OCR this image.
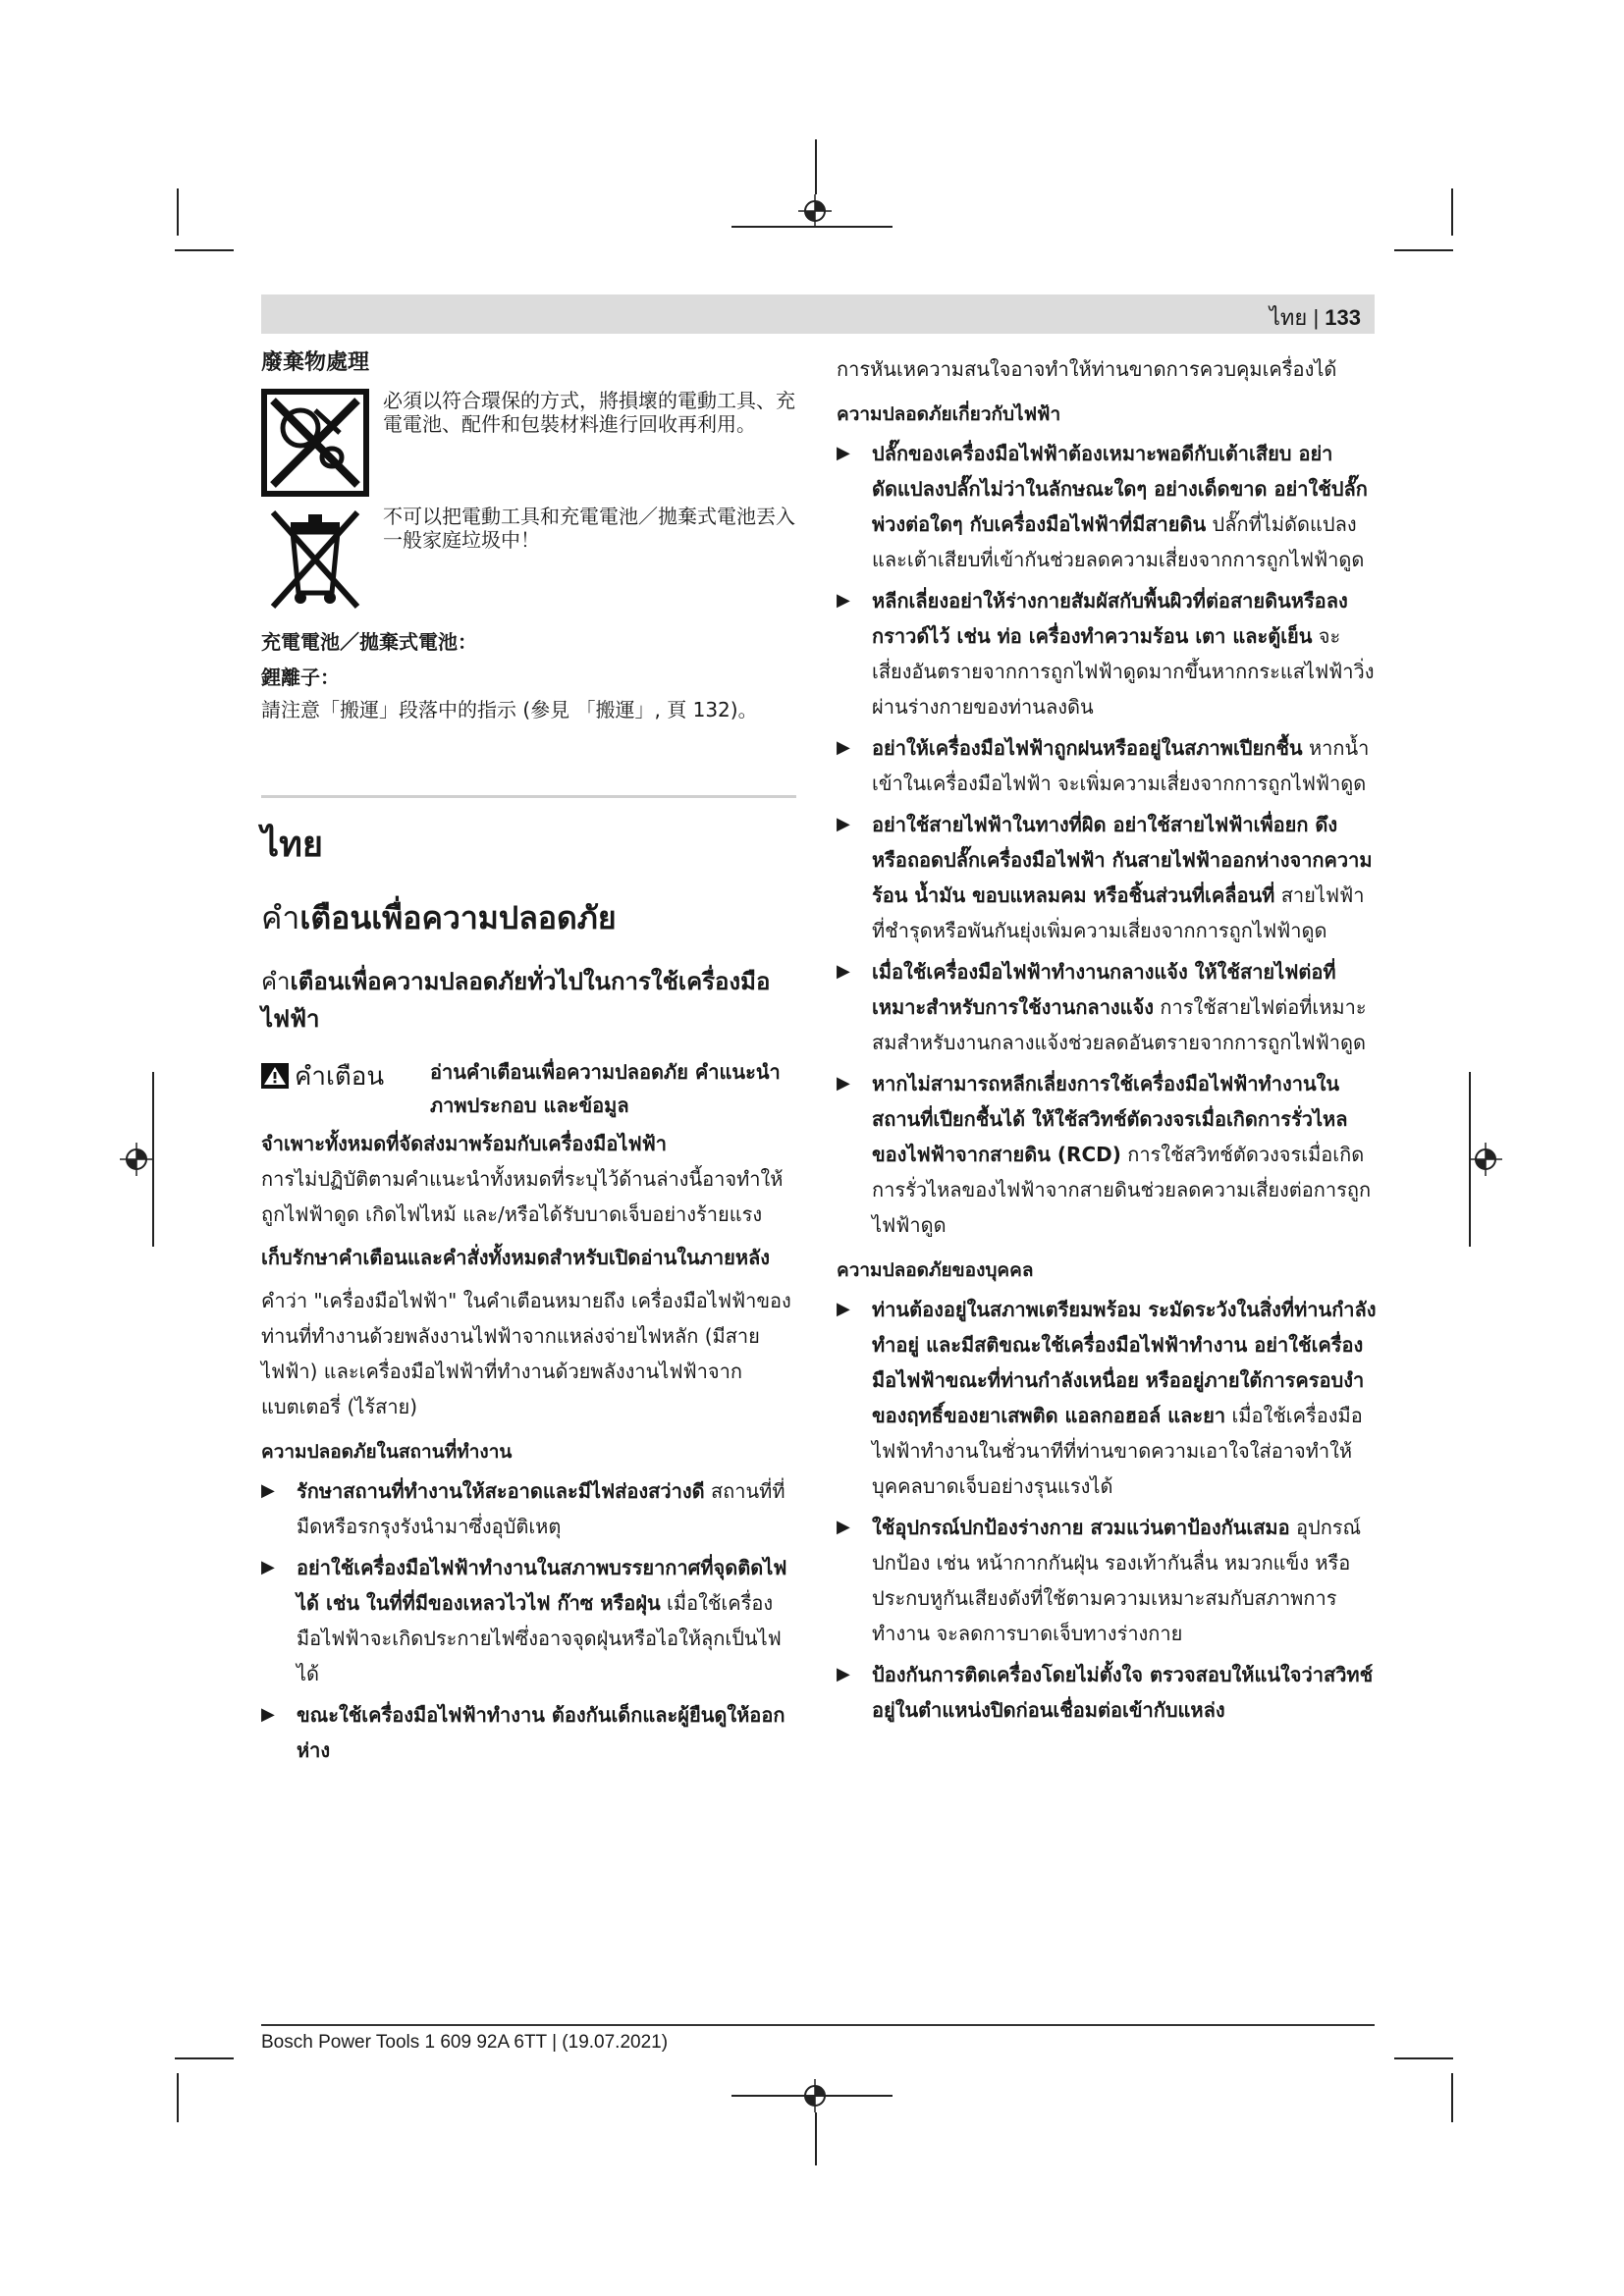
ไทย | 133
廢棄物處理
必須以符合環保的方式，將損壞的電動工具、充電電池、配件和包裝材料進行回收再利用。
不可以把電動工具和充電電池／拋棄式電池丟入一般家庭垃圾中！

充電電池／拋棄式電池：

鋰離子：

請注意「搬運」段落中的指示 (參見 「搬運」, 頁 132)。

ไทย
คำเตือนเพื่อความปลอดภัย
คำเตือนเพื่อความปลอดภัยทั่วไปในการใช้เครื่องมือไฟฟ้า
คำเตือน อ่านคำเตือนเพื่อความปลอดภัย คำแนะนำ ภาพประกอบ และข้อมูล

จำเพาะทั้งหมดที่จัดส่งมาพร้อมกับเครื่องมือไฟฟ้า

การไม่ปฏิบัติตามคำแนะนำทั้งหมดที่ระบุไว้ด้านล่างนี้อาจทำให้ถูกไฟฟ้าดูด เกิดไฟไหม้ และ/หรือได้รับบาดเจ็บอย่างร้ายแรง

เก็บรักษาคำเตือนและคำสั่งทั้งหมดสำหรับเปิดอ่านในภายหลัง

คำว่า "เครื่องมือไฟฟ้า" ในคำเตือนหมายถึง เครื่องมือไฟฟ้าของท่านที่ทำงานด้วยพลังงานไฟฟ้าจากแหล่งจ่ายไฟหลัก (มีสายไฟฟ้า) และเครื่องมือไฟฟ้าที่ทำงานด้วยพลังงานไฟฟ้าจากแบตเตอรี่ (ไร้สาย)

ความปลอดภัยในสถานที่ทำงาน
▶ รักษาสถานที่ทำงานให้สะอาดและมีไฟส่องสว่างดี สถานที่ที่มืดหรือรกรุงรังนำมาซึ่งอุบัติเหตุ
▶ อย่าใช้เครื่องมือไฟฟ้าทำงานในสภาพบรรยากาศที่จุดติดไฟได้ เช่น ในที่ที่มีของเหลวไวไฟ ก๊าซ หรือฝุ่น เมื่อใช้เครื่องมือไฟฟ้าจะเกิดประกายไฟซึ่งอาจจุดฝุ่นหรือไอให้ลุกเป็นไฟได้
▶ ขณะใช้เครื่องมือไฟฟ้าทำงาน ต้องกันเด็กและผู้ยืนดูให้ออกห่าง

การหันเหความสนใจอาจทำให้ท่านขาดการควบคุมเครื่องได้

ความปลอดภัยเกี่ยวกับไฟฟ้า
▶ ปลั๊กของเครื่องมือไฟฟ้าต้องเหมาะพอดีกับเต้าเสียบ อย่าดัดแปลงปลั๊กไม่ว่าในลักษณะใดๆ อย่างเด็ดขาด อย่าใช้ปลั๊กพ่วงต่อใดๆ กับเครื่องมือไฟฟ้าที่มีสายดิน ปลั๊กที่ไม่ดัดแปลงและเต้าเสียบที่เข้ากันช่วยลดความเสี่ยงจากการถูกไฟฟ้าดูด
▶ หลีกเลี่ยงอย่าให้ร่างกายสัมผัสกับพื้นผิวที่ต่อสายดินหรือลงกราวด์ไว้ เช่น ท่อ เครื่องทำความร้อน เตา และตู้เย็น จะเสี่ยงอันตรายจากการถูกไฟฟ้าดูดมากขึ้นหากกระแสไฟฟ้าวิ่งผ่านร่างกายของท่านลงดิน
▶ อย่าให้เครื่องมือไฟฟ้าถูกฝนหรืออยู่ในสภาพเปียกชื้น หากน้ำเข้าในเครื่องมือไฟฟ้า จะเพิ่มความเสี่ยงจากการถูกไฟฟ้าดูด
▶ อย่าใช้สายไฟฟ้าในทางที่ผิด อย่าใช้สายไฟฟ้าเพื่อยก ดึง หรือถอดปลั๊กเครื่องมือไฟฟ้า กันสายไฟฟ้าออกห่างจากความร้อน น้ำมัน ขอบแหลมคม หรือชิ้นส่วนที่เคลื่อนที่ สายไฟฟ้าที่ชำรุดหรือพันกันยุ่งเพิ่มความเสี่ยงจากการถูกไฟฟ้าดูด
▶ เมื่อใช้เครื่องมือไฟฟ้าทำงานกลางแจ้ง ให้ใช้สายไฟต่อที่เหมาะสำหรับการใช้งานกลางแจ้ง การใช้สายไฟต่อที่เหมาะสมสำหรับงานกลางแจ้งช่วยลดอันตรายจากการถูกไฟฟ้าดูด
▶ หากไม่สามารถหลีกเลี่ยงการใช้เครื่องมือไฟฟ้าทำงานในสถานที่เปียกชื้นได้ ให้ใช้สวิทช์ตัดวงจรเมื่อเกิดการรั่วไหลของไฟฟ้าจากสายดิน (RCD) การใช้สวิทช์ตัดวงจรเมื่อเกิดการรั่วไหลของไฟฟ้าจากสายดินช่วยลดความเสี่ยงต่อการถูกไฟฟ้าดูด
ความปลอดภัยของบุคคล
▶ ท่านต้องอยู่ในสภาพเตรียมพร้อม ระมัดระวังในสิ่งที่ท่านกำลังทำอยู่ และมีสติขณะใช้เครื่องมือไฟฟ้าทำงาน อย่าใช้เครื่องมือไฟฟ้าขณะที่ท่านกำลังเหนื่อย หรืออยู่ภายใต้การครอบงำของฤทธิ์ของยาเสพติด แอลกอฮอล์ และยา เมื่อใช้เครื่องมือไฟฟ้าทำงานในชั่วนาทีที่ท่านขาดความเอาใจใส่อาจทำให้บุคคลบาดเจ็บอย่างรุนแรงได้
▶ ใช้อุปกรณ์ปกป้องร่างกาย สวมแว่นตาป้องกันเสมอ อุปกรณ์ปกป้อง เช่น หน้ากากกันฝุ่น รองเท้ากันลื่น หมวกแข็ง หรือประกบหูกันเสียงดังที่ใช้ตามความเหมาะสมกับสภาพการทำงาน จะลดการบาดเจ็บทางร่างกาย
▶ ป้องกันการติดเครื่องโดยไม่ตั้งใจ ตรวจสอบให้แน่ใจว่าสวิทช์อยู่ในตำแหน่งปิดก่อนเชื่อมต่อเข้ากับแหล่ง
Bosch Power Tools 1 609 92A 6TT | (19.07.2021)
